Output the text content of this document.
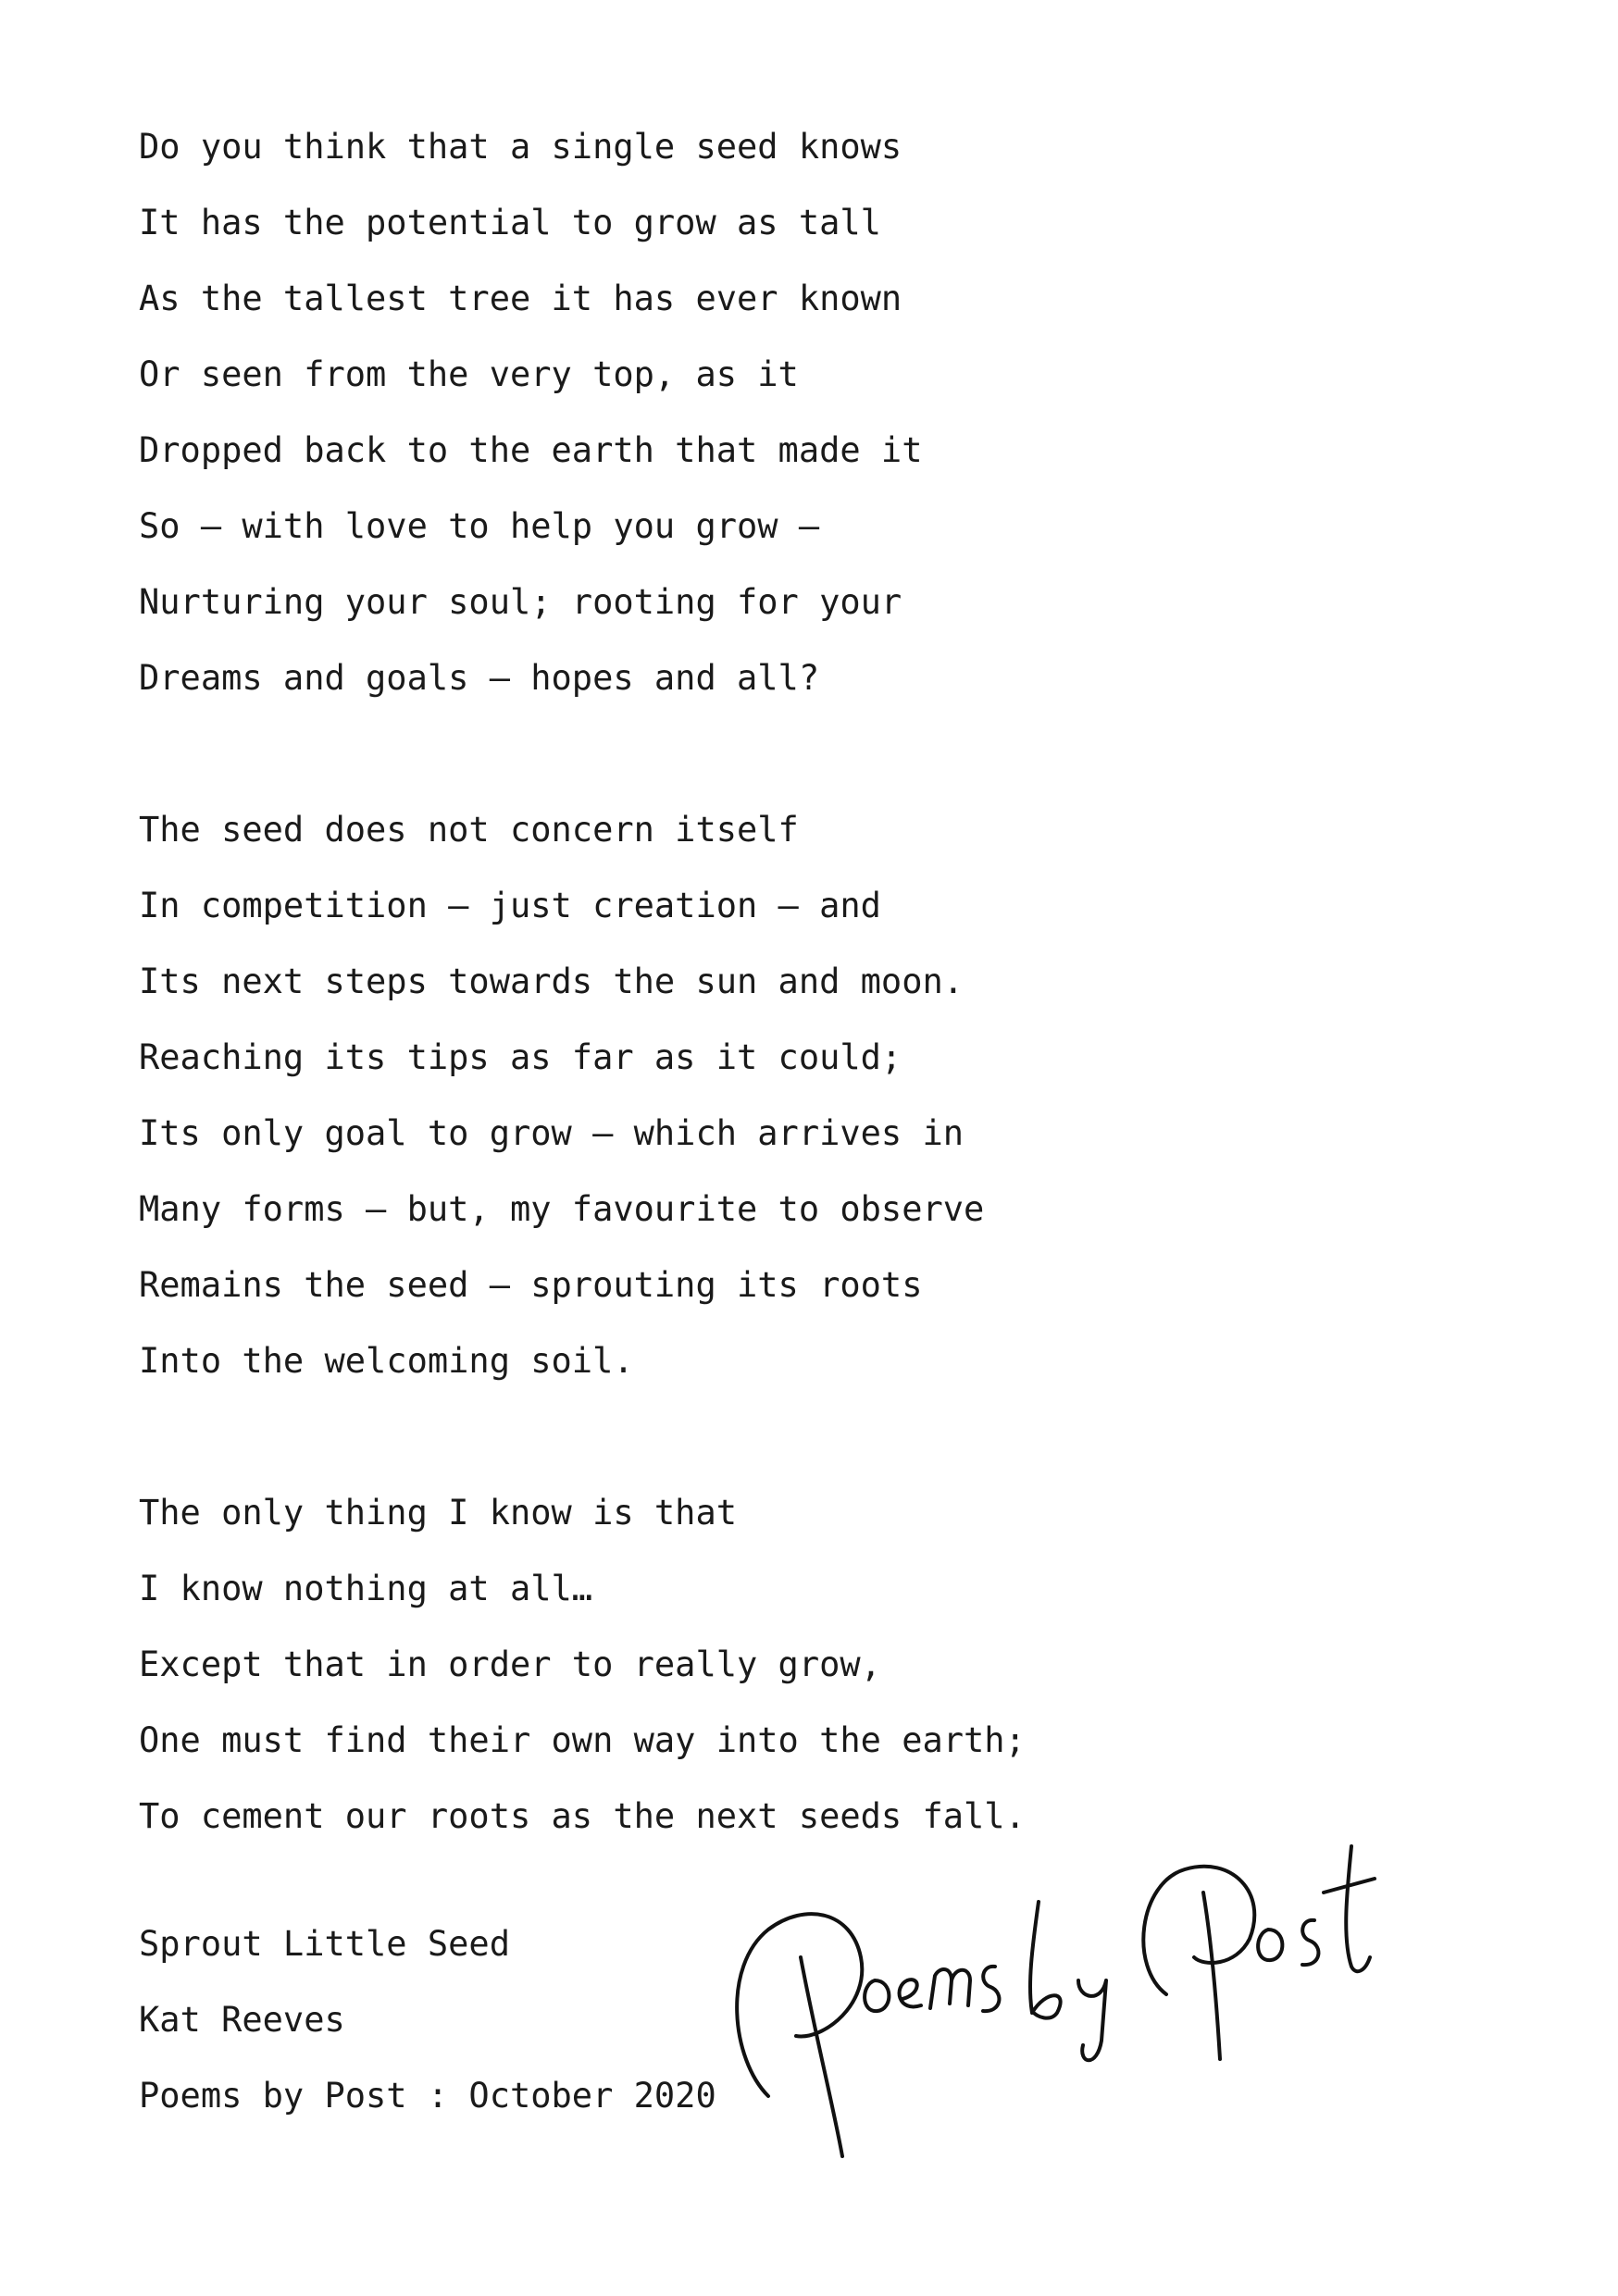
Do you think that a single seed knows
It has the potential to grow as tall
As the tallest tree it has ever known
Or seen from the very top, as it
Dropped back to the earth that made it
So – with love to help you grow –
Nurturing your soul; rooting for your
Dreams and goals – hopes and all?
The seed does not concern itself
In competition – just creation – and
Its next steps towards the sun and moon.
Reaching its tips as far as it could;
Its only goal to grow – which arrives in
Many forms – but, my favourite to observe
Remains the seed – sprouting its roots
Into the welcoming soil.
The only thing I know is that
I know nothing at all…
Except that in order to really grow,
One must find their own way into the earth;
To cement our roots as the next seeds fall.
Sprout Little Seed
Kat Reeves
Poems by Post : October 2020
